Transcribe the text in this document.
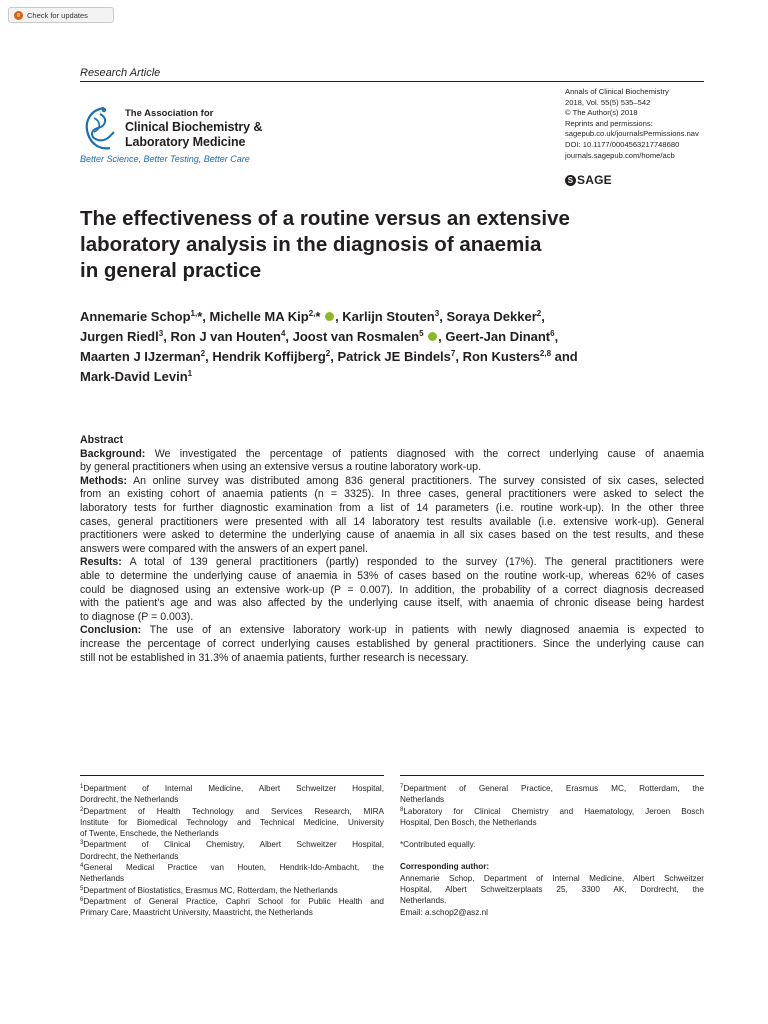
Check for updates
Research Article
The Association for
Clinical Biochemistry &
Laboratory Medicine
Better Science, Better Testing, Better Care
Annals of Clinical Biochemistry
2018, Vol. 55(5) 535–542
© The Author(s) 2018
Reprints and permissions:
sagepub.co.uk/journalsPermissions.nav
DOI: 10.1177/0004563217748680
journals.sagepub.com/home/acb
S SAGE
The effectiveness of a routine versus an extensive
laboratory analysis in the diagnosis of anaemia
in general practice
Annemarie Schop$^{1,}$*, Michelle MA Kip$^{2,}$* , Karlijn Stouten$^3$, Soraya Dekker$^2$,
Jurgen Riedl$^3$, Ron J van Houten$^4$, Joost van Rosmalen$^5$ , Geert-Jan Dinant$^6$,
Maarten J IJzerman$^2$, Hendrik Koffijberg$^2$, Patrick JE Bindels$^7$, Ron Kusters$^{2,8}$ and
Mark-David Levin$^1$
Abstract
Background: We investigated the percentage of patients diagnosed with the correct underlying cause of anaemia
by general practitioners when using an extensive versus a routine laboratory work-up.
Methods: An online survey was distributed among 836 general practitioners. The survey consisted of six cases, selected
from an existing cohort of anaemia patients (n = 3325). In three cases, general practitioners were asked to select the
laboratory tests for further diagnostic examination from a list of 14 parameters (i.e. routine work-up). In the other three
cases, general practitioners were presented with all 14 laboratory test results available (i.e. extensive work-up). General
practitioners were asked to determine the underlying cause of anaemia in all six cases based on the test results, and these
answers were compared with the answers of an expert panel.
Results: A total of 139 general practitioners (partly) responded to the survey (17%). The general practitioners were
able to determine the underlying cause of anaemia in 53% of cases based on the routine work-up, whereas 62% of cases
could be diagnosed using an extensive work-up (P = 0.007). In addition, the probability of a correct diagnosis decreased
with the patient’s age and was also affected by the underlying cause itself, with anaemia of chronic disease being hardest
to diagnose (P = 0.003).
Conclusion: The use of an extensive laboratory work-up in patients with newly diagnosed anaemia is expected to
increase the percentage of correct underlying causes established by general practitioners. Since the underlying cause can
still not be established in 31.3% of anaemia patients, further research is necessary.
$^1$Department of Internal Medicine, Albert Schweitzer Hospital,
Dordrecht, the Netherlands
$^2$Department of Health Technology and Services Research, MIRA
Institute for Biomedical Technology and Technical Medicine, University
of Twente, Enschede, the Netherlands
$^3$Department of Clinical Chemistry, Albert Schweitzer Hospital,
Dordrecht, the Netherlands
$^4$General Medical Practice van Houten, Hendrik-Ido-Ambacht, the
Netherlands
$^5$Department of Biostatistics, Erasmus MC, Rotterdam, the Netherlands
$^6$Department of General Practice, Caphri School for Public Health and
Primary Care, Maastricht University, Maastricht, the Netherlands
$^7$Department of General Practice, Erasmus MC, Rotterdam, the
Netherlands
$^8$Laboratory for Clinical Chemistry and Haematology, Jeroen Bosch
Hospital, Den Bosch, the Netherlands
*Contributed equally.
Corresponding author:
Annemarie Schop, Department of Internal Medicine, Albert Schweitzer
Hospital, Albert Schweitzerplaats 25, 3300 AK, Dordrecht, the
Netherlands.
Email: a.schop2@asz.nl
